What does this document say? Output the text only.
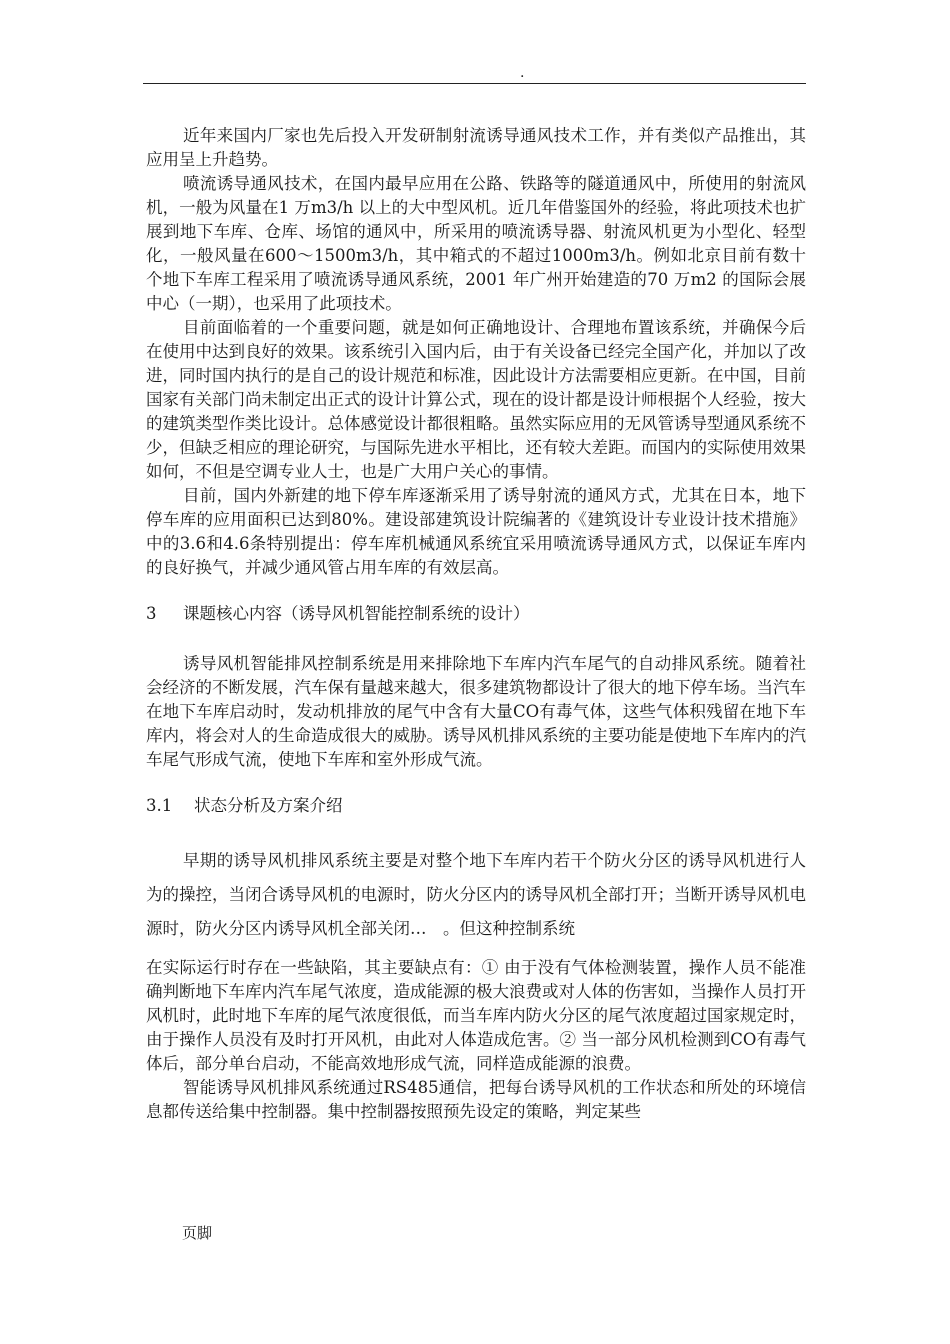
.

近年来国内厂家也先后投入开发研制射流诱导通风技术工作，并有类似产品推出，其应用呈上升趋势。

喷流诱导通风技术，在国内最早应用在公路、铁路等的隧道通风中，所使用的射流风机，一般为风量在1 万m3/h 以上的大中型风机。近几年借鉴国外的经验，将此项技术也扩展到地下车库、仓库、场馆的通风中，所采用的喷流诱导器、射流风机更为小型化、轻型化，一般风量在600～1500m3/h，其中箱式的不超过1000m3/h。例如北京目前有数十个地下车库工程采用了喷流诱导通风系统，2001 年广州开始建造的70 万m2 的国际会展中心（一期），也采用了此项技术。

目前面临着的一个重要问题，就是如何正确地设计、合理地布置该系统，并确保今后在使用中达到良好的效果。该系统引入国内后，由于有关设备已经完全国产化，并加以了改进，同时国内执行的是自己的设计规范和标准，因此设计方法需要相应更新。在中国，目前国家有关部门尚未制定出正式的设计计算公式，现在的设计都是设计师根据个人经验，按大的建筑类型作类比设计。总体感觉设计都很粗略。虽然实际应用的无风管诱导型通风系统不少，但缺乏相应的理论研究，与国际先进水平相比，还有较大差距。而国内的实际使用效果如何，不但是空调专业人士，也是广大用户关心的事情。

目前，国内外新建的地下停车库逐渐采用了诱导射流的通风方式，尤其在日本，地下停车库的应用面积已达到80%。建设部建筑设计院编著的《建筑设计专业设计技术措施》中的3.6和4.6条特别提出：停车库机械通风系统宜采用喷流诱导通风方式，以保证车库内的良好换气，并减少通风管占用车库的有效层高。

3 课题核心内容（诱导风机智能控制系统的设计）

诱导风机智能排风控制系统是用来排除地下车库内汽车尾气的自动排风系统。随着社会经济的不断发展，汽车保有量越来越大，很多建筑物都设计了很大的地下停车场。当汽车在地下车库启动时，发动机排放的尾气中含有大量CO有毒气体，这些气体积残留在地下车库内，将会对人的生命造成很大的威胁。诱导风机排风系统的主要功能是使地下车库内的汽车尾气形成气流，使地下车库和室外形成气流。

3.1 状态分析及方案介绍

早期的诱导风机排风系统主要是对整个地下车库内若干个防火分区的诱导风机进行人为的操控，当闭合诱导风机的电源时，防火分区内的诱导风机全部打开；当断开诱导风机电源时，防火分区内诱导风机全部关闭…　。但这种控制系统

在实际运行时存在一些缺陷，其主要缺点有：① 由于没有气体检测装置，操作人员不能准确判断地下车库内汽车尾气浓度，造成能源的极大浪费或对人体的伤害如，当操作人员打开风机时，此时地下车库的尾气浓度很低，而当车库内防火分区的尾气浓度超过国家规定时，由于操作人员没有及时打开风机，由此对人体造成危害。② 当一部分风机检测到CO有毒气体后，部分单台启动，不能高效地形成气流，同样造成能源的浪费。

智能诱导风机排风系统通过RS485通信，把每台诱导风机的工作状态和所处的环境信息都传送给集中控制器。集中控制器按照预先设定的策略，判定某些

页脚
